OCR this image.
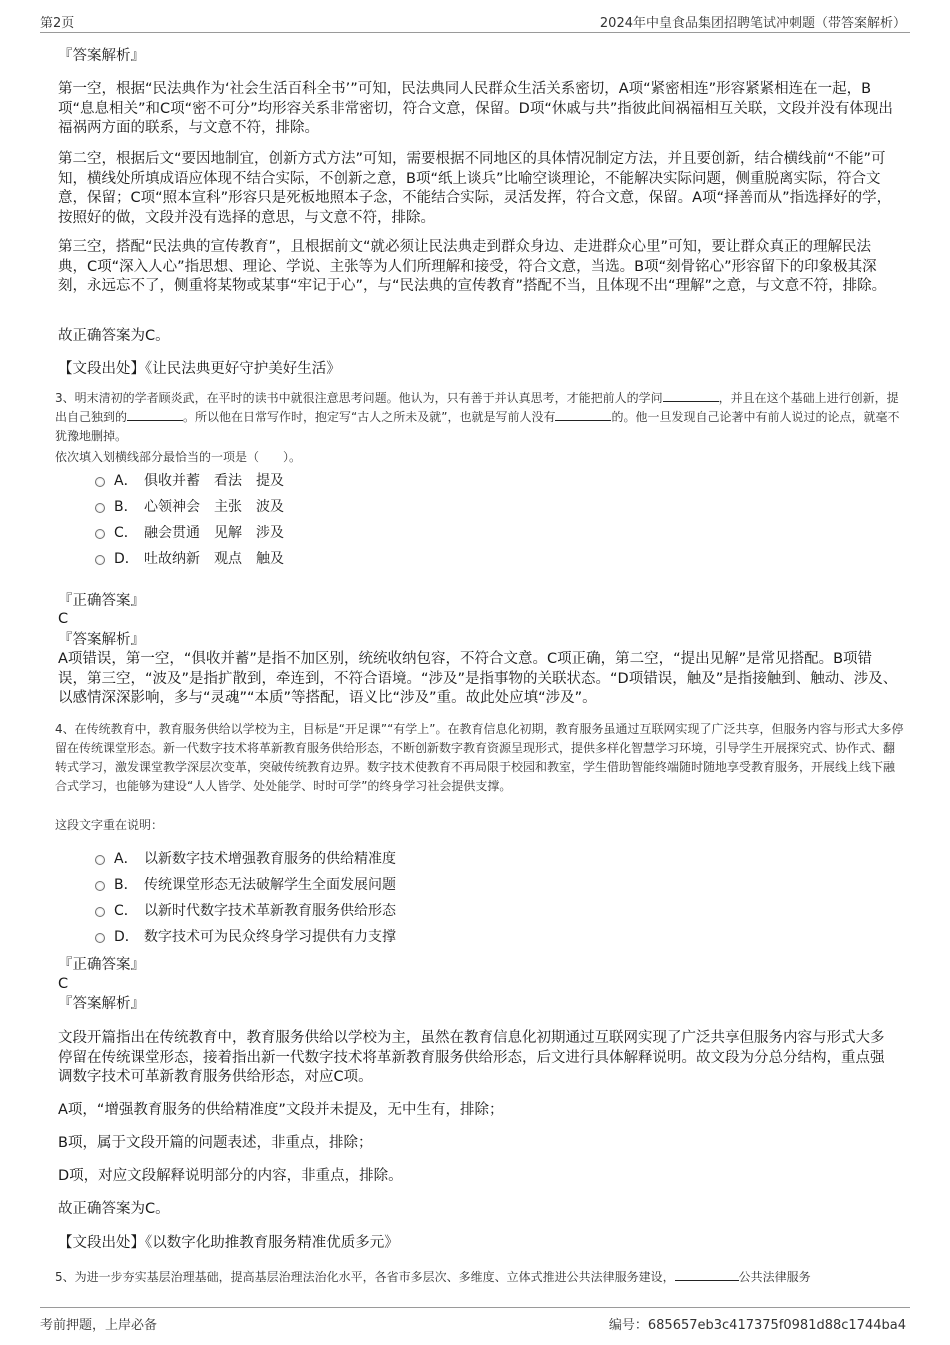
第2页	2024年中皇食品集团招聘笔试冲刺题（带答案解析）
『答案解析』

第一空，根据“民法典作为‘社会生活百科全书’”可知，民法典同人民群众生活关系密切，A项“紧密相连”形容紧紧相连在一起，B项“息息相关”和C项“密不可分”均形容关系非常密切，符合文意，保留。D项“休戚与共”指彼此间祸福相互关联，文段并没有体现出福祸两方面的联系，与文意不符，排除。

第二空，根据后文“要因地制宜，创新方式方法”可知，需要根据不同地区的具体情况制定方法，并且要创新，结合横线前“不能”可知，横线处所填成语应体现不结合实际，不创新之意，B项“纸上谈兵”比喻空谈理论，不能解决实际问题，侧重脱离实际，符合文意，保留；C项“照本宣科”形容只是死板地照本子念，不能结合实际，灵活发挥，符合文意，保留。A项“择善而从”指选择好的学，按照好的做，文段并没有选择的意思，与文意不符，排除。

第三空，搭配“民法典的宣传教育”，且根据前文“就必须让民法典走到群众身边、走进群众心里”可知，要让群众真正的理解民法典，C项“深入人心”指思想、理论、学说、主张等为人们所理解和接受，符合文意，当选。B项“刻骨铭心”形容留下的印象极其深刻，永远忘不了，侧重将某物或某事“牢记于心”，与“民法典的宣传教育”搭配不当，且体现不出“理解”之意，与文意不符，排除。

故正确答案为C。

【文段出处】《让民法典更好守护美好生活》

3、明末清初的学者顾炎武，在平时的读书中就很注意思考问题。他认为，只有善于并认真思考，才能把前人的学问	，并且在这个基础上进行创新，提出自己独到的	。所以他在日常写作时，抱定写“古人之所未及就”，也就是写前人没有	的。他一旦发现自己论著中有前人说过的论点，就毫不犹豫地删掉。

依次填入划横线部分最恰当的一项是（　　）。

A． 俱收并蓄　看法　提及
B． 心领神会　主张　波及
C． 融会贯通　见解　涉及
D． 吐故纳新　观点　触及
『正确答案』
C
『答案解析』

A项错误，第一空，“俱收并蓄”是指不加区别，统统收纳包容，不符合文意。C项正确，第二空，“提出见解”是常见搭配。B项错误，第三空，“波及”是指扩散到，牵连到，不符合语境。“涉及”是指事物的关联状态。“D项错误，触及”是指接触到、触动、涉及、以感情深深影响，多与“灵魂”“本质”等搭配，语义比“涉及”重。故此处应填“涉及”。

4、在传统教育中，教育服务供给以学校为主，目标是“开足课”“有学上”。在教育信息化初期，教育服务虽通过互联网实现了广泛共享，但服务内容与形式大多停留在传统课堂形态。新一代数字技术将革新教育服务供给形态，不断创新数字教育资源呈现形式，提供多样化智慧学习环境，引导学生开展探究式、协作式、翻转式学习，激发课堂教学深层次变革，突破传统教育边界。数字技术使教育不再局限于校园和教室，学生借助智能终端随时随地享受教育服务，开展线上线下融合式学习，也能够为建设“人人皆学、处处能学、时时可学”的终身学习社会提供支撑。

这段文字重在说明：

A． 以新数字技术增强教育服务的供给精准度
B． 传统课堂形态无法破解学生全面发展问题
C． 以新时代数字技术革新教育服务供给形态
D． 数字技术可为民众终身学习提供有力支撑
『正确答案』
C
『答案解析』

文段开篇指出在传统教育中，教育服务供给以学校为主，虽然在教育信息化初期通过互联网实现了广泛共享但服务内容与形式大多停留在传统课堂形态，接着指出新一代数字技术将革新教育服务供给形态，后文进行具体解释说明。故文段为分总分结构，重点强调数字技术可革新教育服务供给形态，对应C项。

A项，“增强教育服务的供给精准度”文段并未提及，无中生有，排除；

B项，属于文段开篇的问题表述，非重点，排除；

D项，对应文段解释说明部分的内容，非重点，排除。

故正确答案为C。

【文段出处】《以数字化助推教育服务精准优质多元》

5、为进一步夯实基层治理基础，提高基层治理法治化水平，各省市多层次、多维度、立体式推进公共法律服务建设，	公共法律服务

考前押题，上岸必备	编号：685657eb3c417375f0981d88c1744ba4
